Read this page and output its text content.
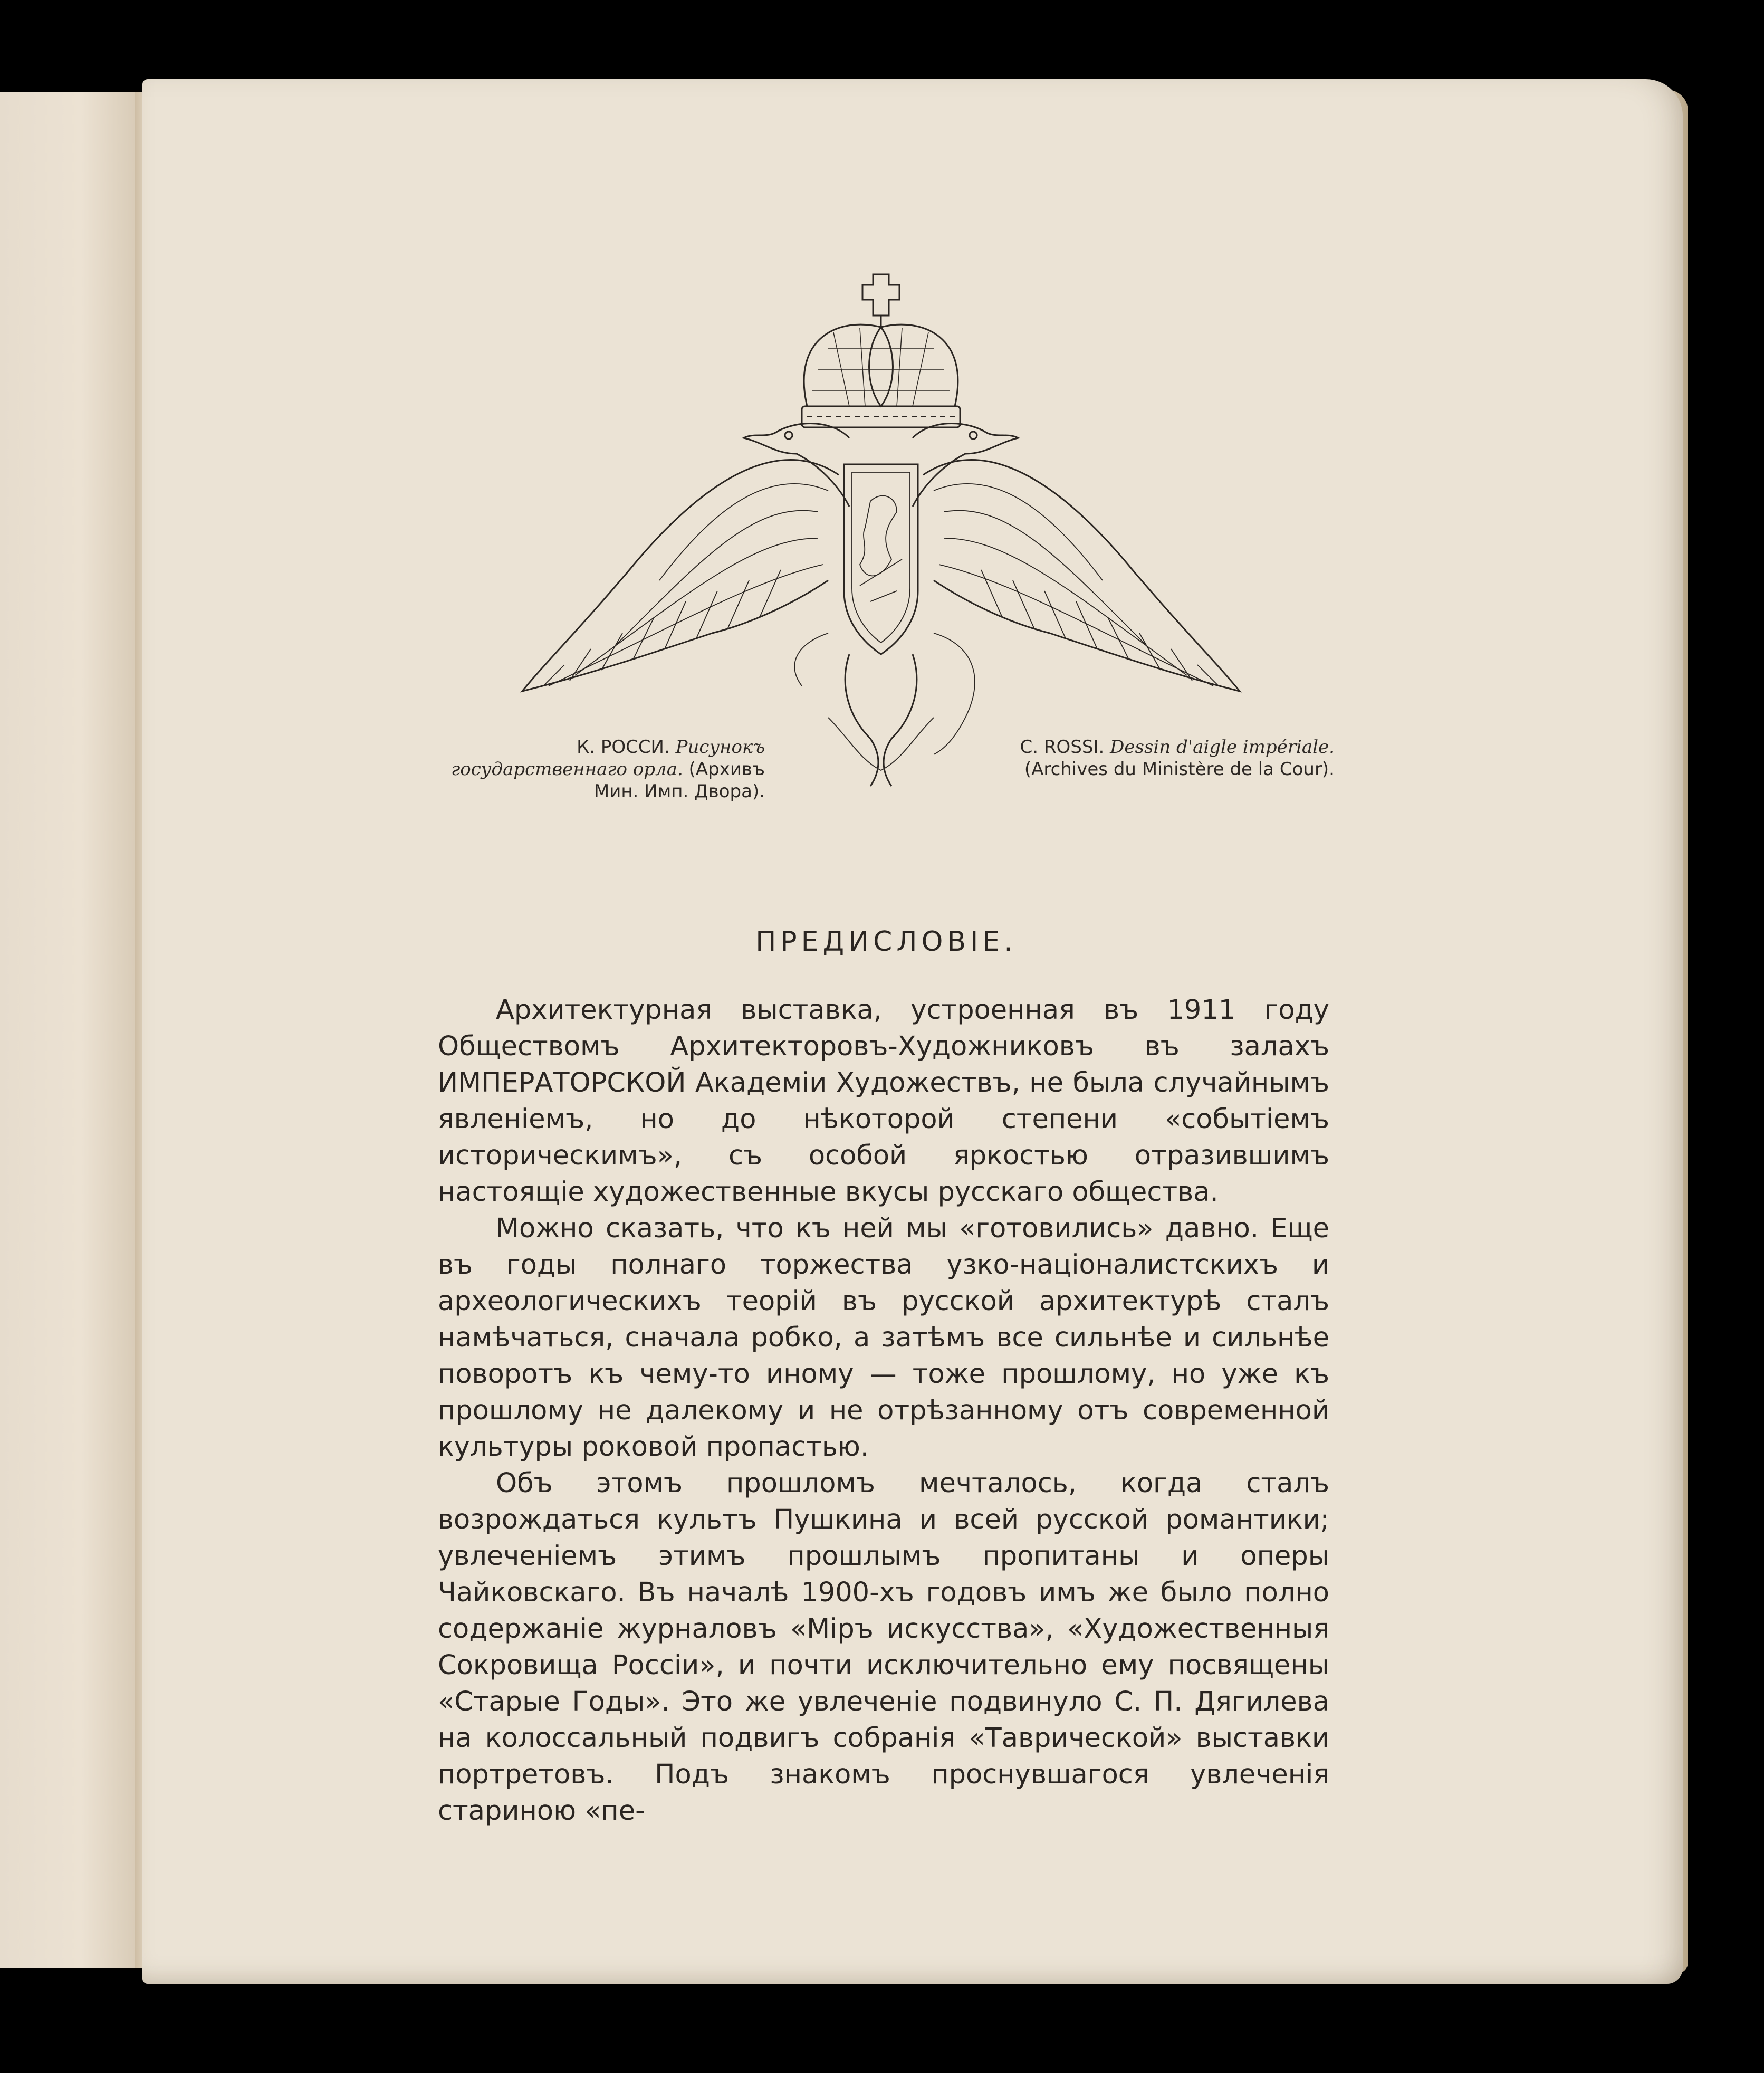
К. РОССИ. Рисунокъ государственнаго орла. (Архивъ Мин. Имп. Двора).
C. ROSSI. Dessin d'aigle impériale.
(Archives du Ministère de la Cour).
ПРЕДИСЛОВІЕ.

Архитектурная выставка, устроенная въ 1911 году Обществомъ Архитекторовъ-Художниковъ въ залахъ ИМПЕРАТОРСКОЙ Академіи Художествъ, не была случайнымъ явленіемъ, но до нѣкоторой степени «событіемъ историческимъ», съ особой яркостью отразившимъ настоящіе художественные вкусы русскаго общества.

Можно сказать, что къ ней мы «готовились» давно. Еще въ годы полнаго торжества узко-націоналистскихъ и археологическихъ теорій въ русской архитектурѣ сталъ намѣчаться, сначала робко, а затѣмъ все сильнѣе и сильнѣе поворотъ къ чему-то иному — тоже прошлому, но уже къ прошлому не далекому и не отрѣзанному отъ современной культуры роковой пропастью.

Объ этомъ прошломъ мечталось, когда сталъ возрождаться культъ Пушкина и всей русской романтики; увлеченіемъ этимъ прошлымъ пропитаны и оперы Чайковскаго. Въ началѣ 1900-хъ годовъ имъ же было полно содержаніе журналовъ «Міръ искусства», «Художественныя Сокровища Россіи», и почти исключительно ему посвящены «Старые Годы». Это же увлеченіе подвинуло С. П. Дягилева на колоссальный подвигъ собранія «Таврической» выставки портретовъ. Подъ знакомъ проснувшагося увлеченія стариною «пе-
